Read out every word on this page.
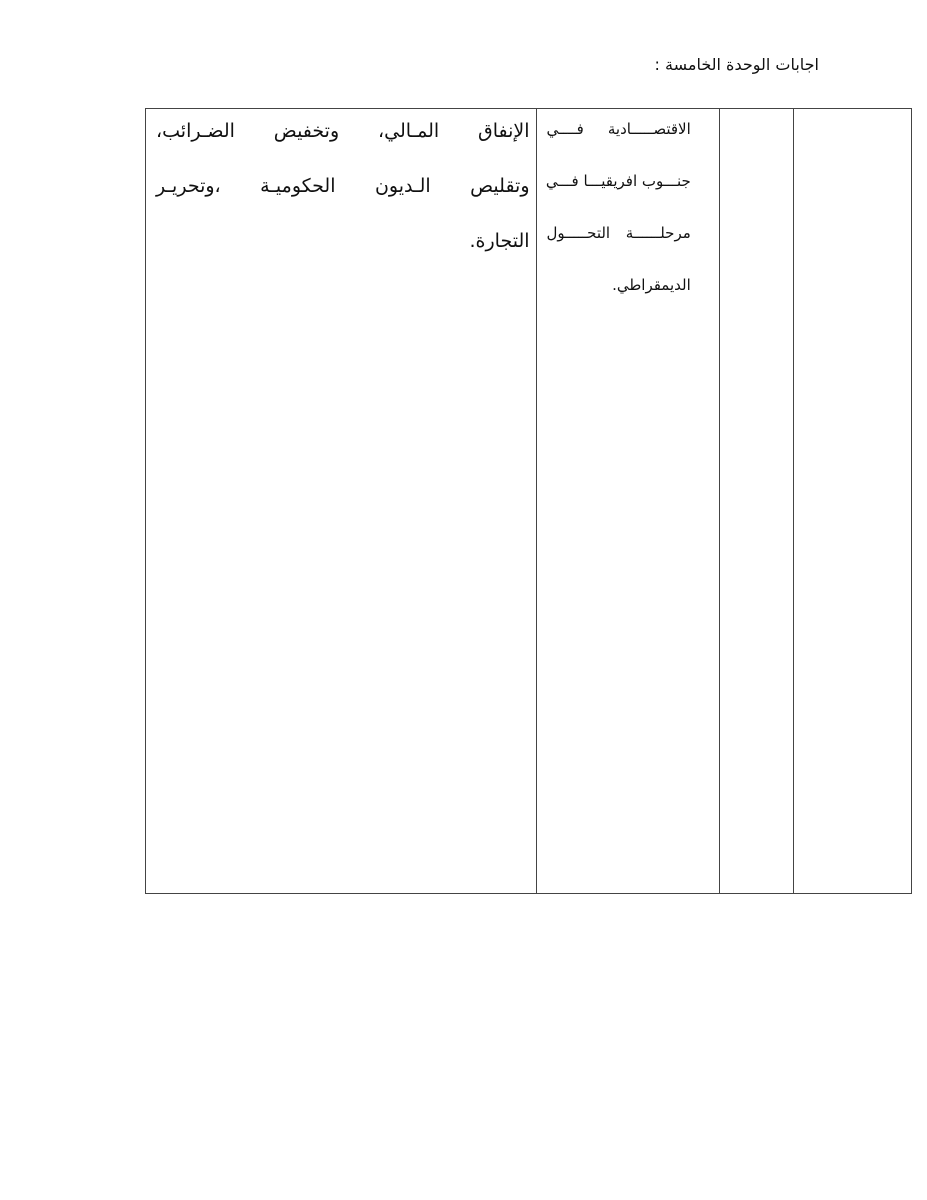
اجابات الوحدة الخامسة :

الاقتصـــــادية فــــي
جنـــوب افريقيـــا فـــي
مرحلــــــة التحـــــول
الديمقراطي.

الإنفاق المـالي، وتخفيض الضـرائب،
وتقليص الـديون الحكوميـة ،وتحريـر
التجارة.
